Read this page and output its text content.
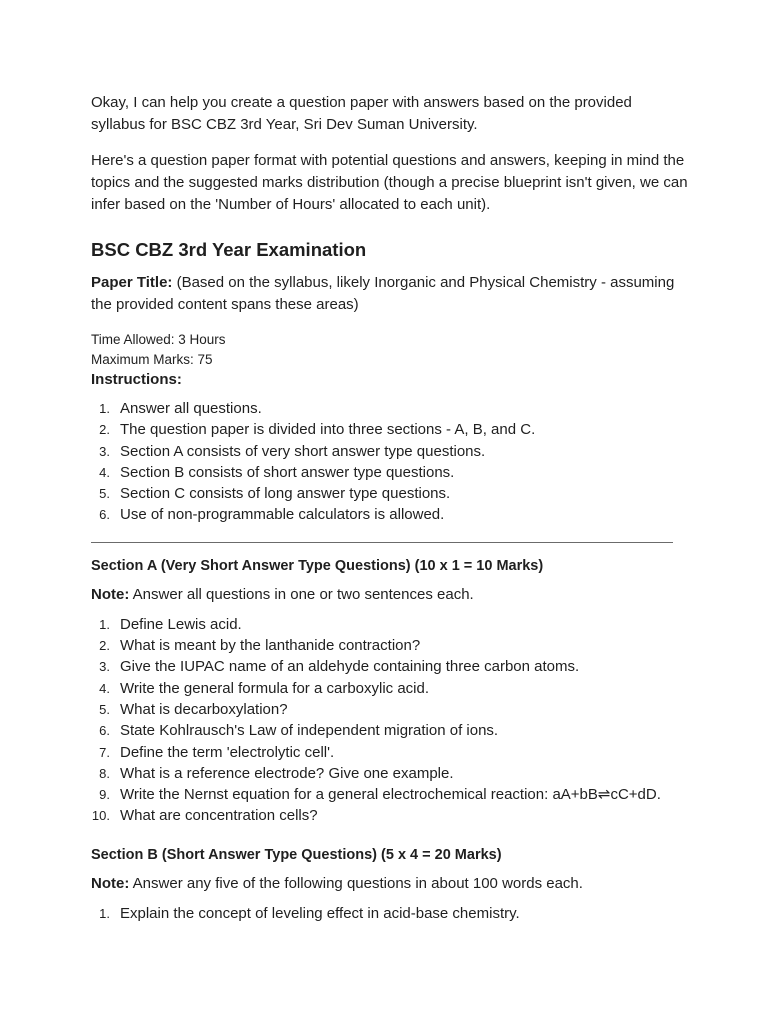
Okay, I can help you create a question paper with answers based on the provided syllabus for BSC CBZ 3rd Year, Sri Dev Suman University.

Here's a question paper format with potential questions and answers, keeping in mind the topics and the suggested marks distribution (though a precise blueprint isn't given, we can infer based on the 'Number of Hours' allocated to each unit).

BSC CBZ 3rd Year Examination

Paper Title: (Based on the syllabus, likely Inorganic and Physical Chemistry - assuming the provided content spans these areas)

Time Allowed: 3 Hours

Maximum Marks: 75

Instructions:

1. Answer all questions.
2. The question paper is divided into three sections - A, B, and C.
3. Section A consists of very short answer type questions.
4. Section B consists of short answer type questions.
5. Section C consists of long answer type questions.
6. Use of non-programmable calculators is allowed.

Section A (Very Short Answer Type Questions) (10 x 1 = 10 Marks)

Note: Answer all questions in one or two sentences each.

1. Define Lewis acid.
2. What is meant by the lanthanide contraction?
3. Give the IUPAC name of an aldehyde containing three carbon atoms.
4. Write the general formula for a carboxylic acid.
5. What is decarboxylation?
6. State Kohlrausch's Law of independent migration of ions.
7. Define the term 'electrolytic cell'.
8. What is a reference electrode? Give one example.
9. Write the Nernst equation for a general electrochemical reaction: aA+bB⇌cC+dD.
10. What are concentration cells?

Section B (Short Answer Type Questions) (5 x 4 = 20 Marks)

Note: Answer any five of the following questions in about 100 words each.

1. Explain the concept of leveling effect in acid-base chemistry.
